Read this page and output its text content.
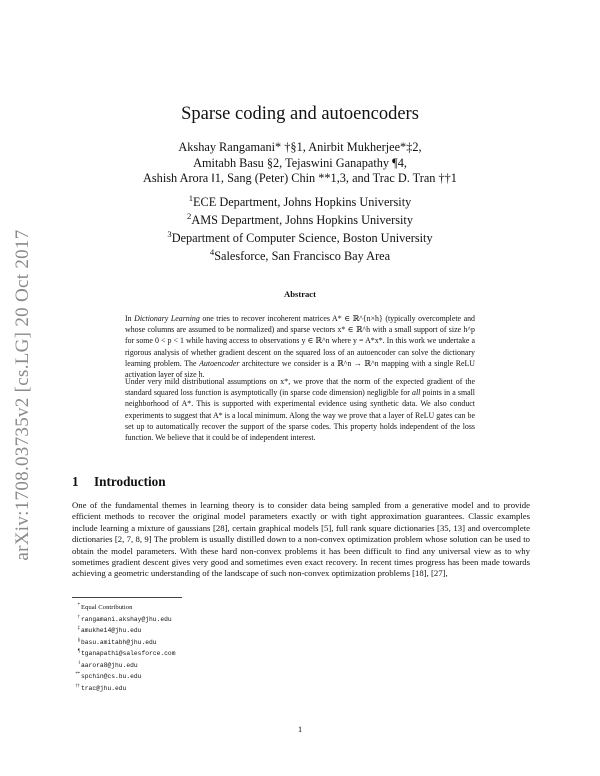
arXiv:1708.03735v2 [cs.LG] 20 Oct 2017
Sparse coding and autoencoders
Akshay Rangamani* †§1, Anirbit Mukherjee*‡2,
Amitabh Basu §2, Tejaswini Ganapathy ¶4,
Ashish Arora ‖1, Sang (Peter) Chin **1,3, and Trac D. Tran ††1
$^1$ECE Department, Johns Hopkins University
$^2$AMS Department, Johns Hopkins University
$^3$Department of Computer Science, Boston University
$^4$Salesforce, San Francisco Bay Area
Abstract

In Dictionary Learning one tries to recover incoherent matrices A* ∈ ℝ^{n×h} (typically overcomplete and whose columns are assumed to be normalized) and sparse vectors x* ∈ ℝ^h with a small support of size h^p for some 0 < p < 1 while having access to observations y ∈ ℝ^n where y = A*x*. In this work we undertake a rigorous analysis of whether gradient descent on the squared loss of an autoencoder can solve the dictionary learning problem. The Autoencoder architecture we consider is a ℝ^n → ℝ^n mapping with a single ReLU activation layer of size h.

Under very mild distributional assumptions on x*, we prove that the norm of the expected gradient of the standard squared loss function is asymptotically (in sparse code dimension) negligible for all points in a small neighborhood of A*. This is supported with experimental evidence using synthetic data. We also conduct experiments to suggest that A* is a local minimum. Along the way we prove that a layer of ReLU gates can be set up to automatically recover the support of the sparse codes. This property holds independent of the loss function. We believe that it could be of independent interest.

1 Introduction

One of the fundamental themes in learning theory is to consider data being sampled from a generative model and to provide efficient methods to recover the original model parameters exactly or with tight approximation guarantees. Classic examples include learning a mixture of gaussians [28], certain graphical models [5], full rank square dictionaries [35, 13] and overcomplete dictionaries [2, 7, 8, 9] The problem is usually distilled down to a non-convex optimization problem whose solution can be used to obtain the model parameters. With these hard non-convex problems it has been difficult to find any universal view as to why sometimes gradient descent gives very good and sometimes even exact recovery. In recent times progress has been made towards achieving a geometric understanding of the landscape of such non-convex optimization problems [18], [27],

*Equal Contribution
†rangamani.akshay@jhu.edu
‡amukhe14@jhu.edu
§basu.amitabh@jhu.edu
¶tganapathi@salesforce.com
‖aarora8@jhu.edu
**spchin@cs.bu.edu
††trac@jhu.edu
1
